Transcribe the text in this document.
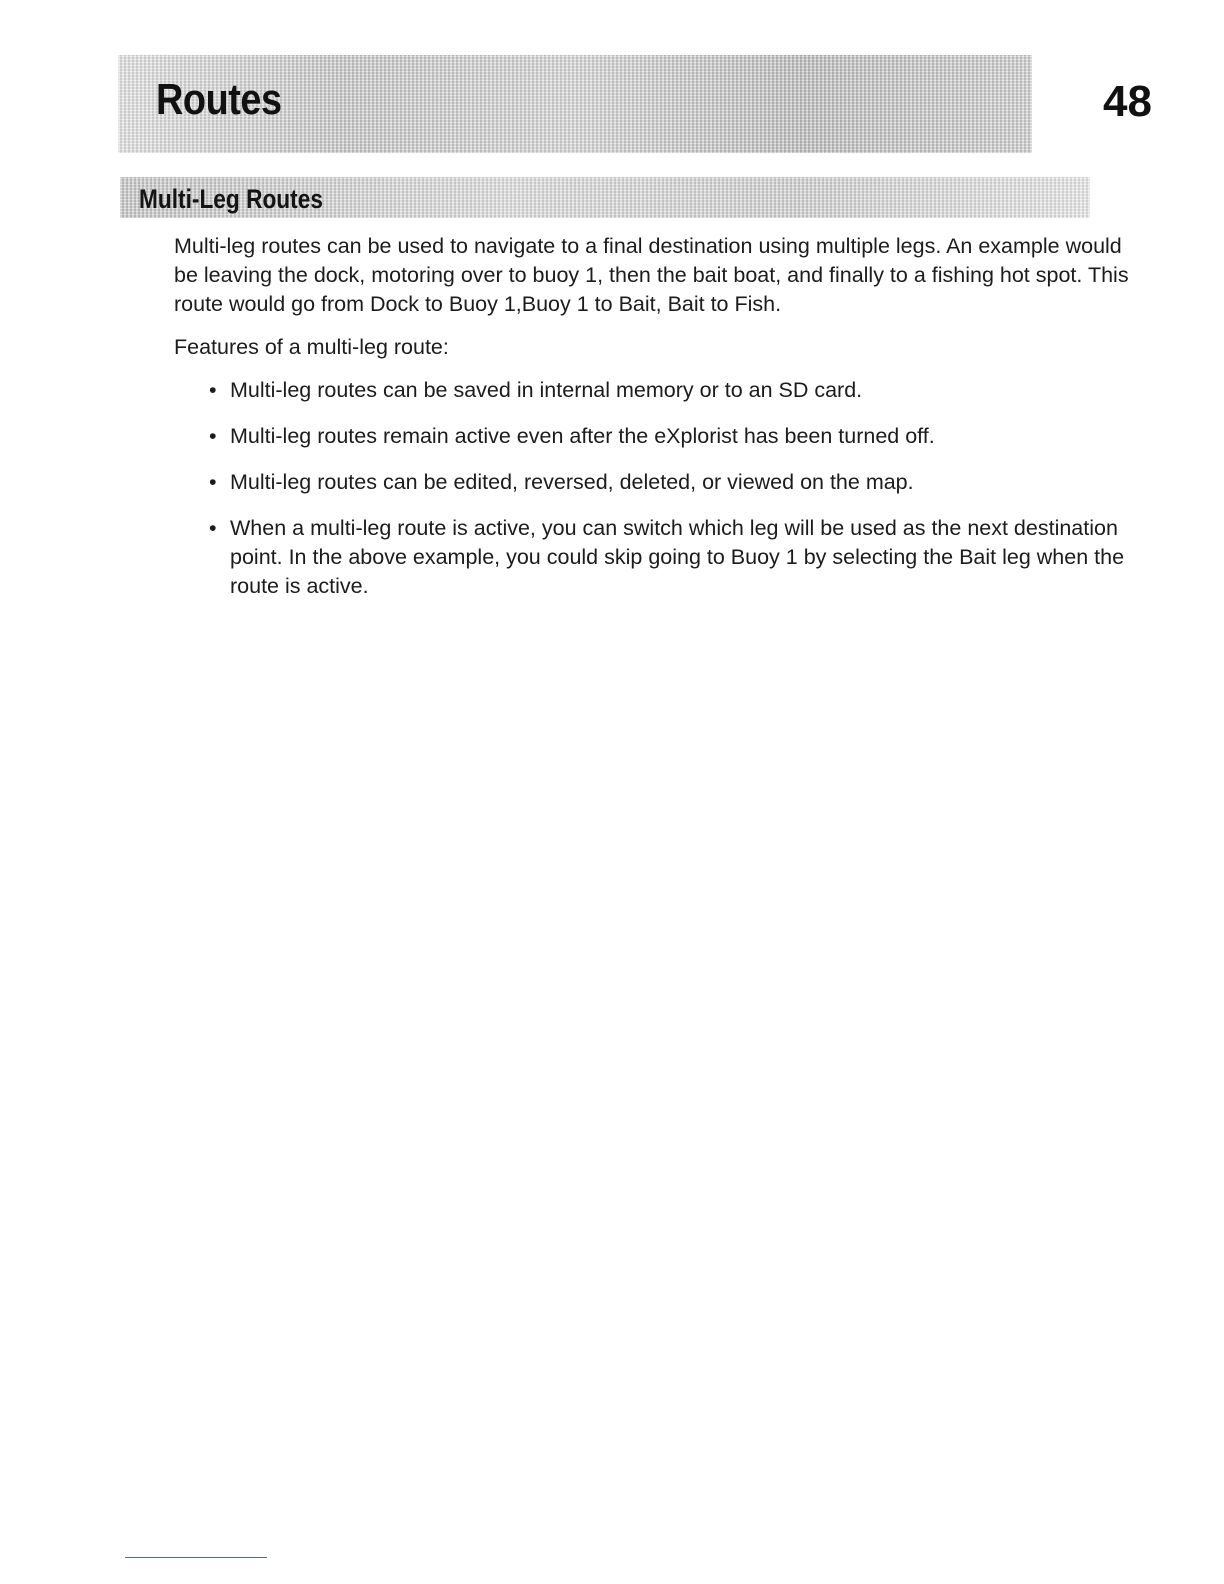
Routes	48
Multi-Leg Routes

Multi-leg routes can be used to navigate to a final destination using multiple legs. An example would be leaving the dock, motoring over to buoy 1, then the bait boat, and finally to a fishing hot spot. This route would go from Dock to Buoy 1,Buoy 1 to Bait, Bait to Fish.

Features of a multi-leg route:

• Multi-leg routes can be saved in internal memory or to an SD card.
• Multi-leg routes remain active even after the eXplorist has been turned off.
• Multi-leg routes can be edited, reversed, deleted, or viewed on the map.
• When a multi-leg route is active, you can switch which leg will be used as the next destination point. In the above example, you could skip going to Buoy 1 by selecting the Bait leg when the route is active.
